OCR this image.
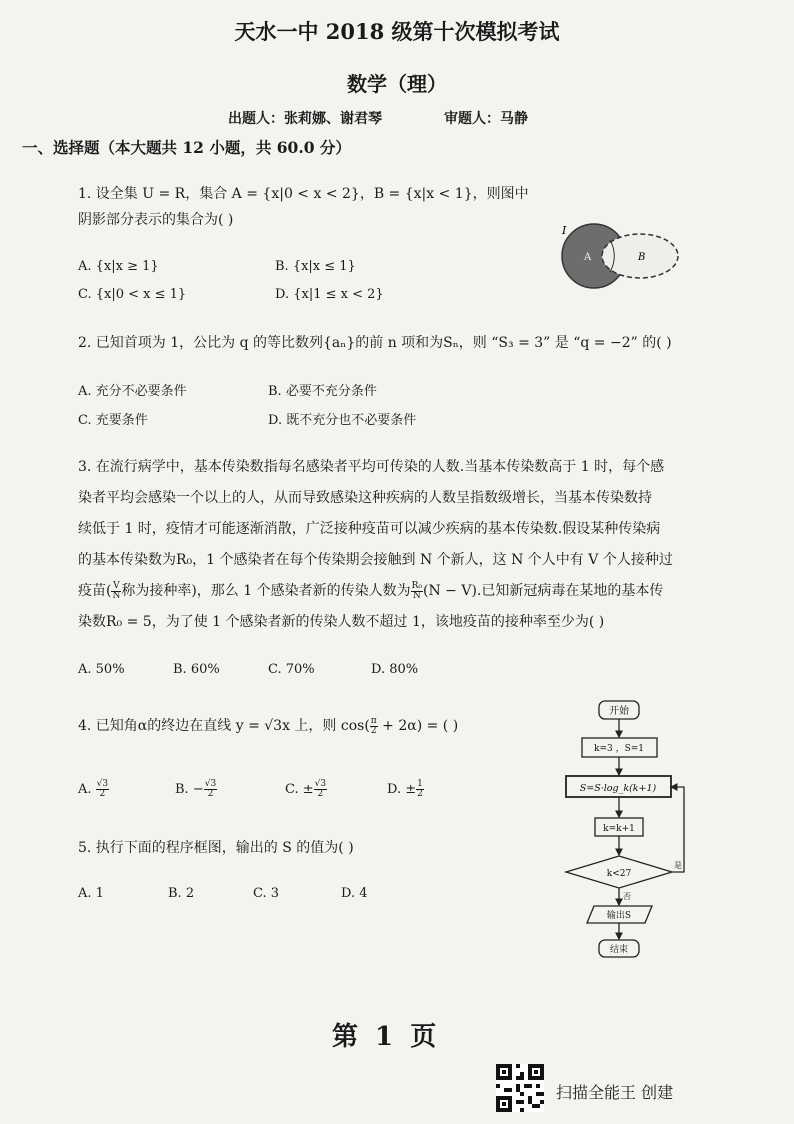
天水一中 2018 级第十次模拟考试
数学（理）
出题人：张莉娜、谢君琴	审题人：马静
一、选择题（本大题共 12 小题，共 60.0 分）
1. 设全集 U = R，集合 A = {x|0 < x < 2}，B = {x|x < 1}，则图中
阴影部分表示的集合为( )
A. {x|x ≥ 1}	B. {x|x ≤ 1}
C. {x|0 < x ≤ 1}	D. {x|1 ≤ x < 2}
I
A	B
2. 已知首项为 1，公比为 q 的等比数列{aₙ}的前 n 项和为Sₙ，则 “S₃ = 3” 是 “q = −2” 的( )
A. 充分不必要条件	B. 必要不充分条件
C. 充要条件	D. 既不充分也不必要条件
3. 在流行病学中，基本传染数指每名感染者平均可传染的人数.当基本传染数高于 1 时，每个感
染者平均会感染一个以上的人，从而导致感染这种疾病的人数呈指数级增长，当基本传染数持
续低于 1 时，疫情才可能逐渐消散，广泛接种疫苗可以减少疾病的基本传染数.假设某种传染病
的基本传染数为R₀，1 个感染者在每个传染期会接触到 N 个新人，这 N 个人中有 V 个人接种过
疫苗( $\frac{V}{N}$ 称为接种率)，那么 1 个感染者新的传染人数为 $\frac{\text{R₀}}{N} (N - V)$.已知新冠病毒在某地的基本传
染数R₀ = 5，为了使 1 个感染者新的传染人数不超过 1，该地疫苗的接种率至少为( )
A. 50%	B. 60%	C. 70%	D. 80%
4. 已知角α的终边在直线 y = √3x 上，则 $\cos( \frac{\pi}{2} + 2\alpha)$ = ( )
A. $\frac{√3}{2}$	B. − $\frac{√3}{2}$	C. ± $\frac{√3}{2}$	D. ± $\frac{1}{2}$
5. 执行下面的程序框图，输出的 S 的值为( )
A. 1	B. 2	C. 3	D. 4
开始
k=3 ，S=1
S=S·log_k(k+1)
k=k+1
k<27
是
否
输出S
结束
第 1 页
扫描全能王 创建
